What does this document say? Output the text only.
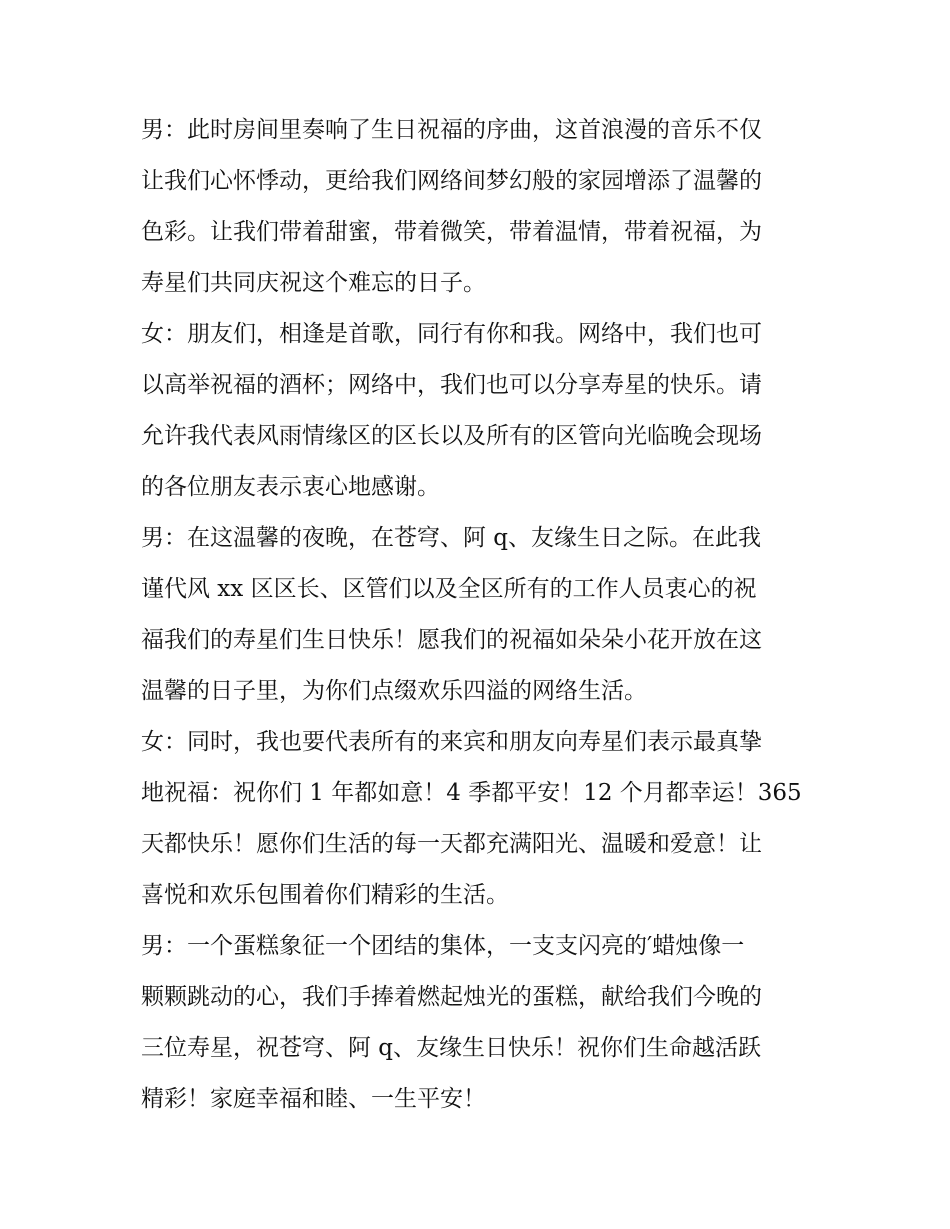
男：此时房间里奏响了生日祝福的序曲，这首浪漫的音乐不仅
让我们心怀悸动，更给我们网络间梦幻般的家园增添了温馨的
色彩。让我们带着甜蜜，带着微笑，带着温情，带着祝福，为
寿星们共同庆祝这个难忘的日子。
女：朋友们，相逢是首歌，同行有你和我。网络中，我们也可
以高举祝福的酒杯；网络中，我们也可以分享寿星的快乐。请
允许我代表风雨情缘区的区长以及所有的区管向光临晚会现场
的各位朋友表示衷心地感谢。
男：在这温馨的夜晚，在苍穹、阿 q、友缘生日之际。在此我
谨代风 xx 区区长、区管们以及全区所有的工作人员衷心的祝
福我们的寿星们生日快乐！愿我们的祝福如朵朵小花开放在这
温馨的日子里，为你们点缀欢乐四溢的网络生活。
女：同时，我也要代表所有的来宾和朋友向寿星们表示最真挚
地祝福：祝你们 1 年都如意！4 季都平安！12 个月都幸运！365
天都快乐！愿你们生活的每一天都充满阳光、温暖和爱意！让
喜悦和欢乐包围着你们精彩的生活。
男：一个蛋糕象征一个团结的集体，一支支闪亮的′蜡烛像一
颗颗跳动的心，我们手捧着燃起烛光的蛋糕，献给我们今晚的
三位寿星，祝苍穹、阿 q、友缘生日快乐！祝你们生命越活跃
精彩！家庭幸福和睦、一生平安！
